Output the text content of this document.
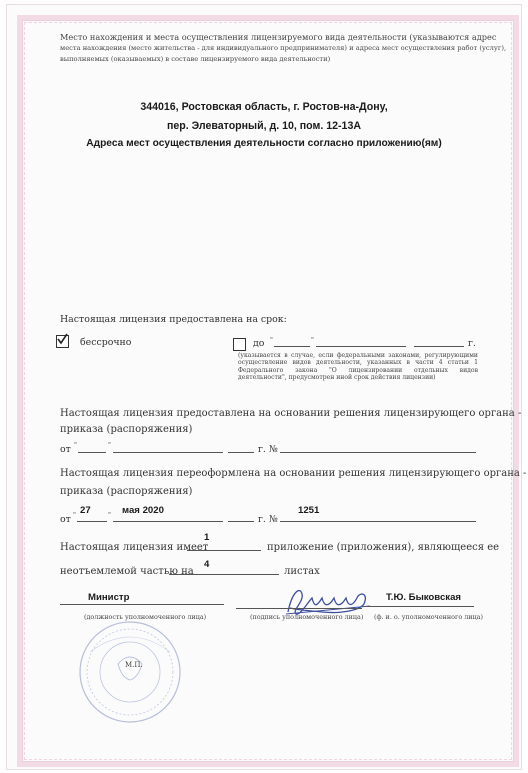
Место нахождения и места осуществления лицензируемого вида деятельности (указываются адрес
места нахождения (место жительства - для индивидуального предпринимателя) и адреса мест осуществления работ (услуг),
выполняемых (оказываемых) в составе лицензируемого вида деятельности)
344016, Ростовская область, г. Ростов-на-Дону,
пер. Элеваторный, д. 10, пом. 12-13А
Адреса мест осуществления деятельности согласно приложению(ям)
Настоящая лицензия предоставлена на срок:
бессрочно	до "	"	г.
(указывается в случае, если федеральными законами, регулирующими осуществление видов деятельности, указанных в части 4 статьи 1 Федерального закона "О лицензировании отдельных видов деятельности", предусмотрен иной срок действия лицензии)
Настоящая лицензия предоставлена на основании решения лицензирующего органа -
приказа (распоряжения)
от "	"	г. №
Настоящая лицензия переоформлена на основании решения лицензирующего органа -
приказа (распоряжения)
от " 27	" мая 2020
г. №
1251
Настоящая лицензия имеет
1
приложение (приложения), являющееся ее
неотъемлемой частью на
4
листах
М.П.
Министр
(должность уполномоченного лица)	(подпись уполномоченного лица)
Т.Ю. Быковская
(ф. и. о. уполномоченного лица)
